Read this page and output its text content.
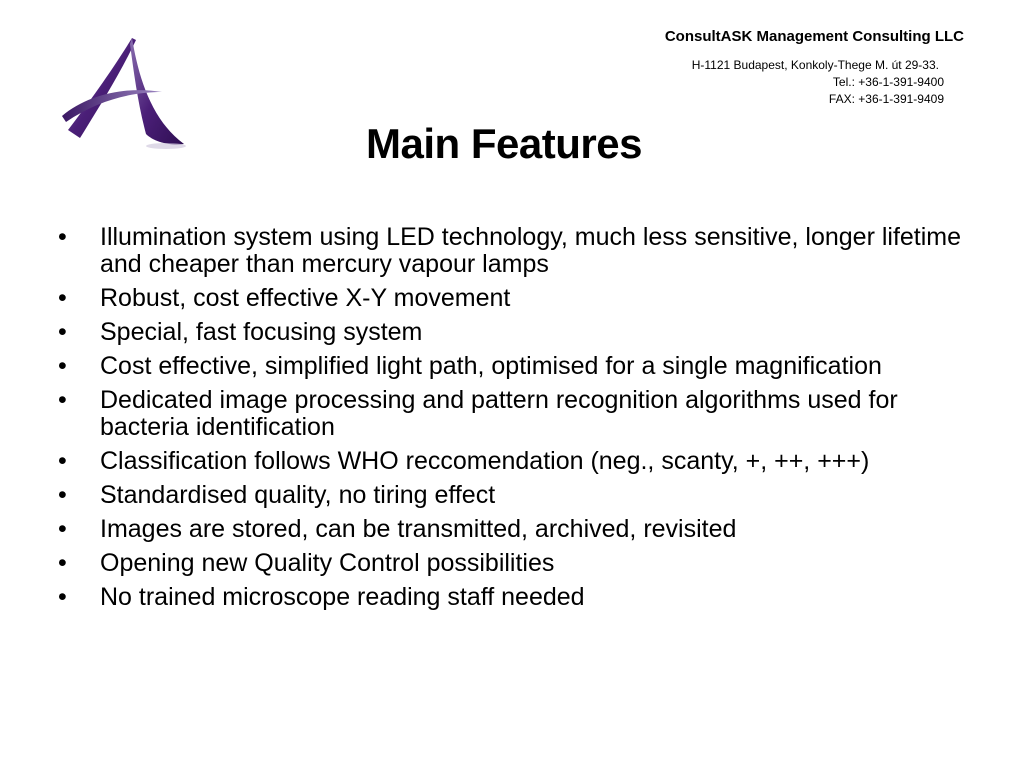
ConsultASK Management Consulting LLC
H-1121 Budapest, Konkoly-Thege M. út 29-33.
Tel.: +36-1-391-9400
FAX: +36-1-391-9409
Main Features
•	Illumination system using LED technology, much less sensitive, longer lifetime and cheaper than mercury vapour lamps
•	Robust, cost effective X-Y movement
•	Special, fast focusing system
•	Cost effective, simplified light path, optimised for a single magnification
•	Dedicated image processing and pattern recognition algorithms used for bacteria identification
•	Classification follows WHO reccomendation (neg., scanty, +, ++, +++)
•	Standardised quality, no tiring effect
•	Images are stored, can be transmitted, archived, revisited
•	Opening new Quality Control possibilities
•	No trained microscope reading staff needed
